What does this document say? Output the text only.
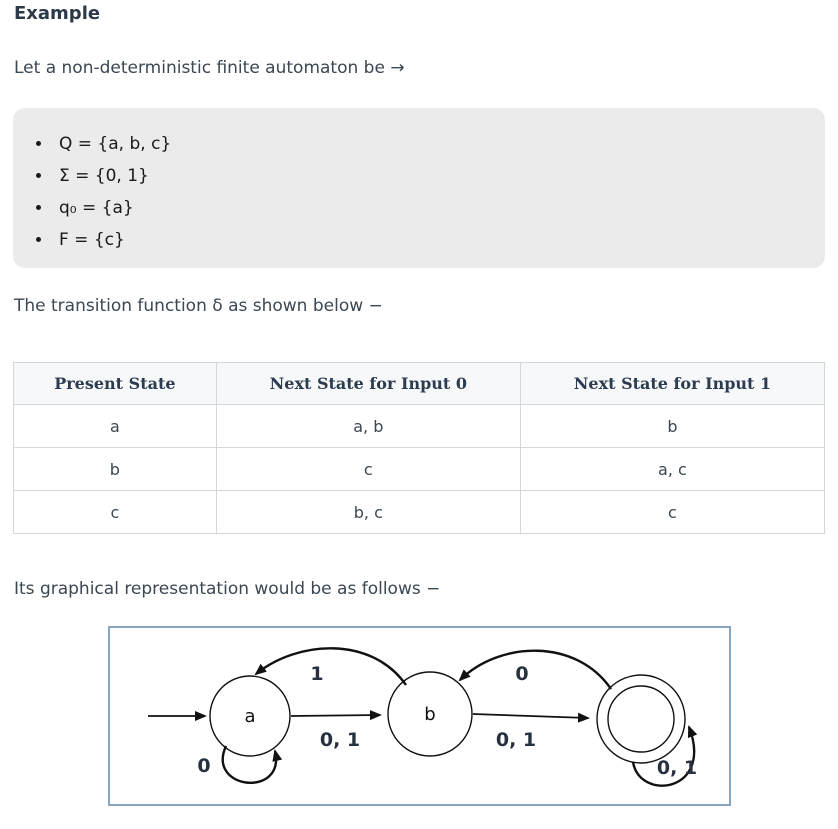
Example

Let a non-deterministic finite automaton be →

• Q = {a, b, c}
• Σ = {0, 1}
• q₀ = {a}
• F = {c}

The transition function δ as shown below −

Present State	Next State for Input 0	Next State for Input 1
a	a, b	b
b	c	a, c
c	b, c	c

Its graphical representation would be as follows −

a	b
0, 1	0, 1
1	0
0	0, 1
